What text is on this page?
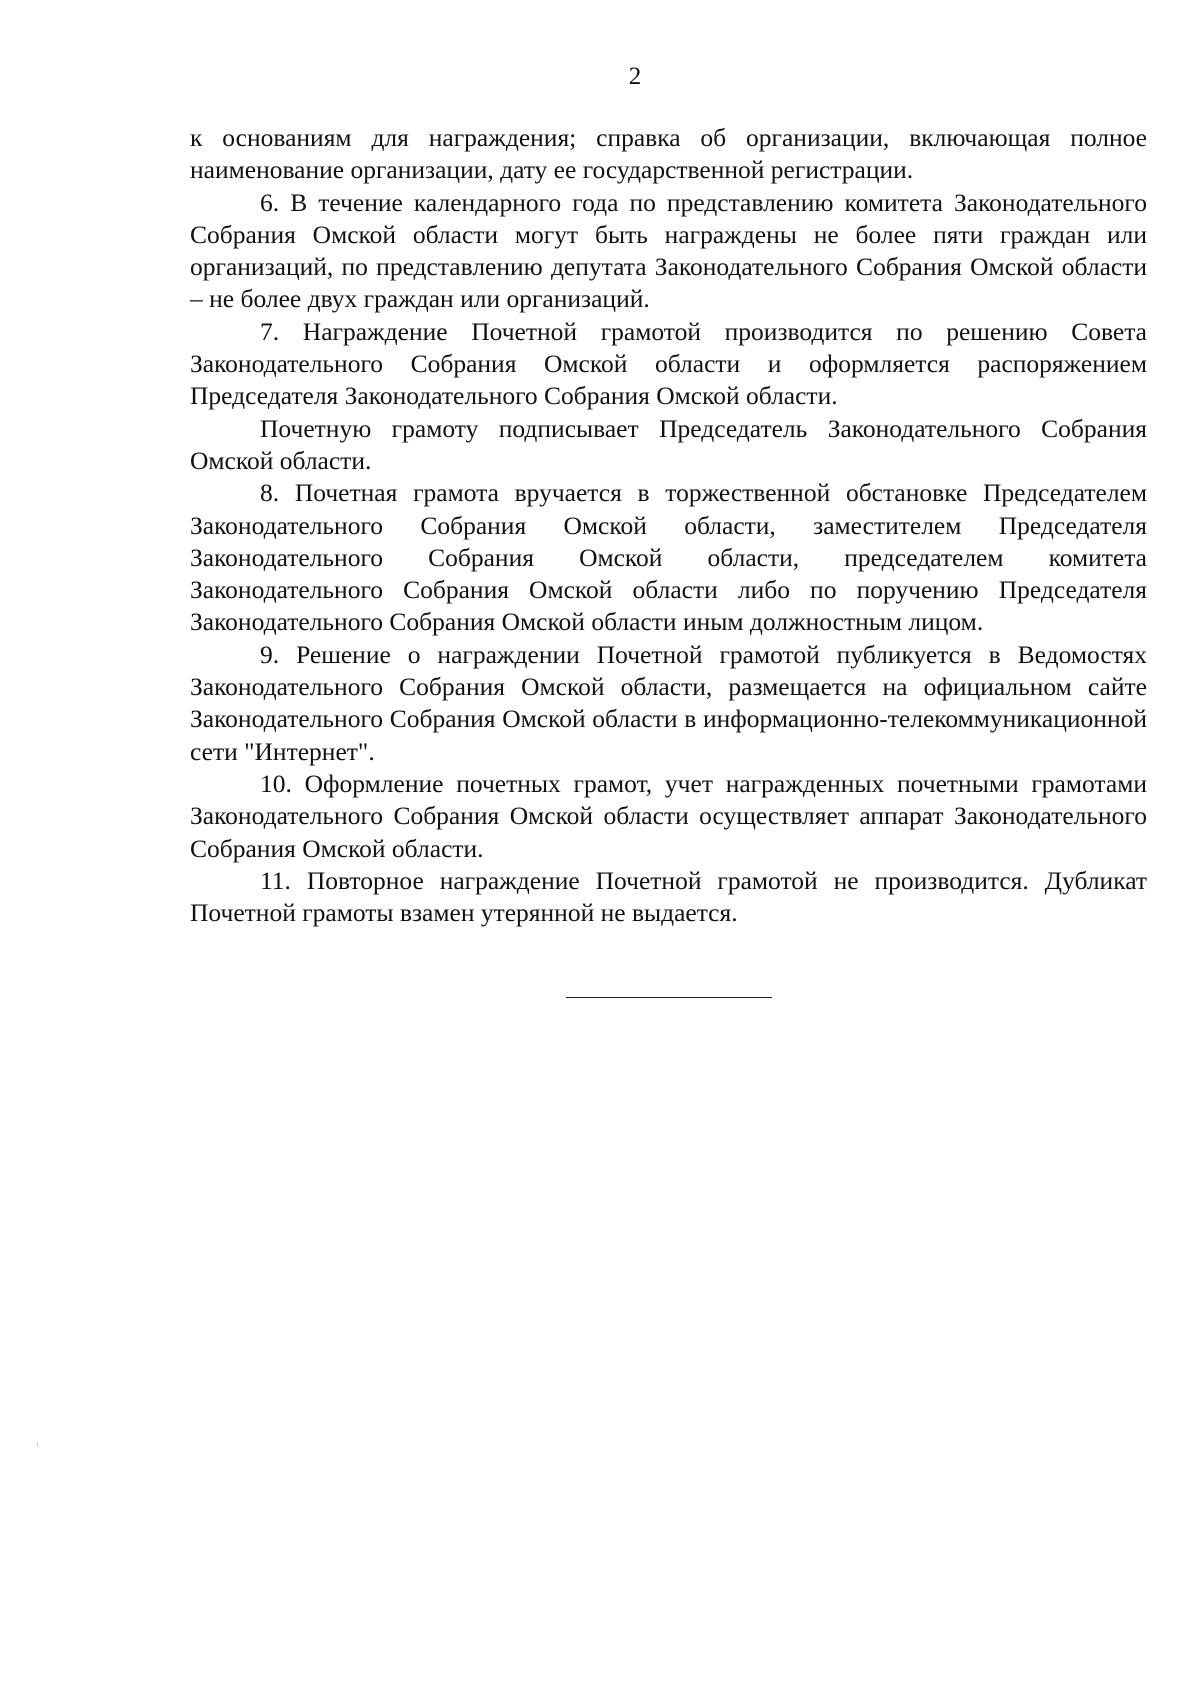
2

к основаниям для награждения; справка об организации, включающая полное наименование организации, дату ее государственной регистрации.

6. В течение календарного года по представлению комитета Законодательного Собрания Омской области могут быть награждены не более пяти граждан или организаций, по представлению депутата Законодательного Собрания Омской области – не более двух граждан или организаций.

7. Награждение Почетной грамотой производится по решению Совета Законодательного Собрания Омской области и оформляется распоряжением Председателя Законодательного Собрания Омской области.

Почетную грамоту подписывает Председатель Законодательного Собрания Омской области.

8. Почетная грамота вручается в торжественной обстановке Председателем Законодательного Собрания Омской области, заместителем Председателя Законодательного Собрания Омской области, председателем комитета Законодательного Собрания Омской области либо по поручению Председателя Законодательного Собрания Омской области иным должностным лицом.

9. Решение о награждении Почетной грамотой публикуется в Ведомостях Законодательного Собрания Омской области, размещается на официальном сайте Законодательного Собрания Омской области в информационно-телекоммуникационной сети "Интернет".

10. Оформление почетных грамот, учет награжденных почетными грамотами Законодательного Собрания Омской области осуществляет аппарат Законодательного Собрания Омской области.

11. Повторное награждение Почетной грамотой не производится. Дубликат Почетной грамоты взамен утерянной не выдается.
